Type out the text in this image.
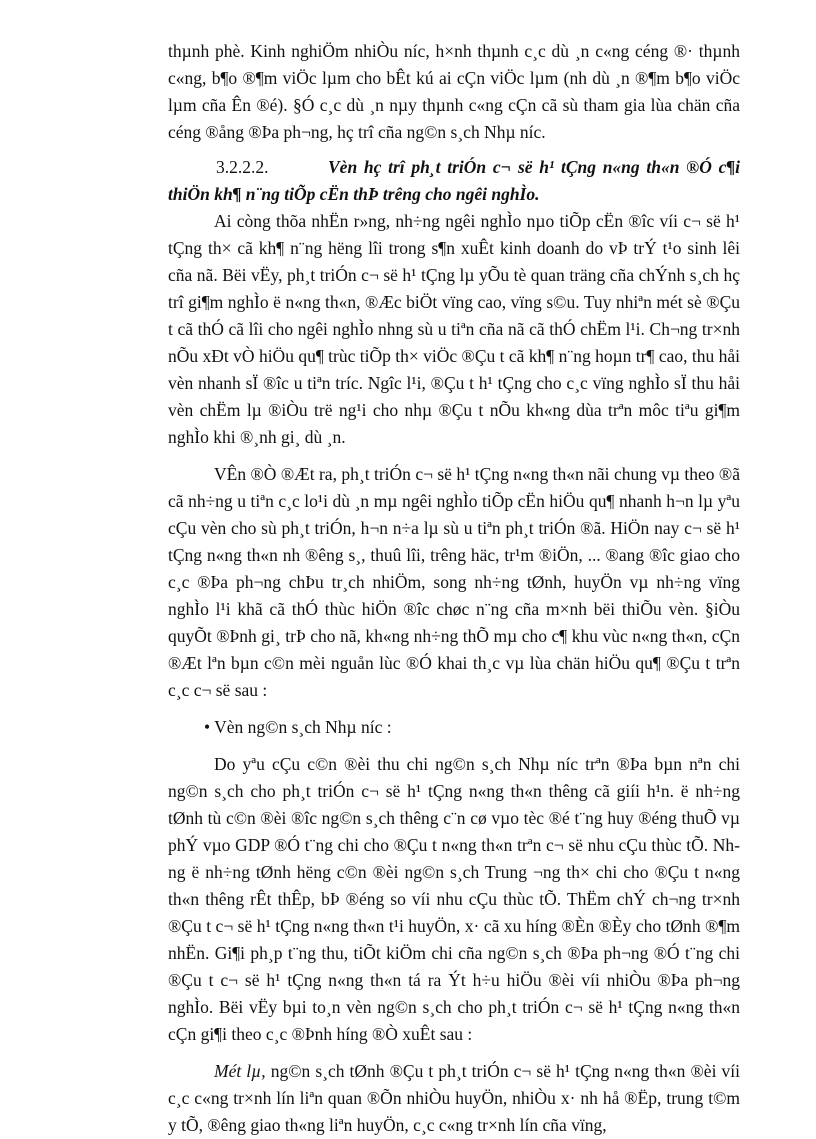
thµnh phè. Kinh nghiÖm nhiÒu níc, h×nh thµnh c¸c dù ¸n c«ng céng ®· thµnh c«ng, b¶o ®¶m viÖc lµm cho bÊt kú ai cÇn viÖc lµm (nh dù ¸n ®¶m b¶o viÖc lµm cña Ên ®é). §Ó c¸c dù ¸n nµy thµnh c«ng cÇn cã sù tham gia lùa chän cña céng ®ång ®Þa ph¬ng, hç trî cña ng©n s¸ch Nhµ níc.

3.2.2.2.	Vèn hç trî ph¸t triÓn c¬ së h¹ tÇng n«ng th«n ®Ó c¶i thiÖn kh¶ n¨ng tiÕp cËn thÞ trêng cho ngêi nghÌo.

Ai còng thõa nhËn r»ng, nh÷ng ngêi nghÌo nµo tiÕp cËn ®îc víi c¬ së h¹ tÇng th× cã kh¶ n¨ng hëng lîi trong s¶n xuÊt kinh doanh do vÞ trÝ t¹o sinh lêi cña nã. Bëi vËy, ph¸t triÓn c¬ së h¹ tÇng lµ yÕu tè quan träng cña chÝnh s¸ch hç trî gi¶m nghÌo ë n«ng th«n, ®Æc biÖt vïng cao, vïng s©u. Tuy nhiªn mét sè ®Çu t cã thÓ cã lîi cho ngêi nghÌo nhng sù u tiªn cña nã cã thÓ chËm l¹i. Ch¬ng tr×nh nÕu xÐt vÒ hiÖu qu¶ trùc tiÕp th× viÖc ®Çu t cã kh¶ n¨ng hoµn tr¶ cao, thu håi vèn nhanh sÏ ®îc u tiªn tríc. Ngîc l¹i, ®Çu t h¹ tÇng cho c¸c vïng nghÌo sÏ thu håi vèn chËm lµ ®iÒu trë ng¹i cho nhµ ®Çu t nÕu kh«ng dùa trªn môc tiªu gi¶m nghÌo khi ®¸nh gi¸ dù ¸n.

VÊn ®Ò ®Æt ra, ph¸t triÓn c¬ së h¹ tÇng n«ng th«n nãi chung vµ theo ®ã cã nh÷ng u tiªn c¸c lo¹i dù ¸n mµ ngêi nghÌo tiÕp cËn hiÖu qu¶ nhanh h¬n lµ yªu cÇu vèn cho sù ph¸t triÓn, h¬n n÷a lµ sù u tiªn ph¸t triÓn ®ã. HiÖn nay c¬ së h¹ tÇng n«ng th«n nh ®êng s¸, thuû lîi, trêng häc, tr¹m ®iÖn, ... ®ang ®îc giao cho c¸c ®Þa ph¬ng chÞu tr¸ch nhiÖm, song nh÷ng tØnh, huyÖn vµ nh÷ng vïng nghÌo l¹i khã cã thÓ thùc hiÖn ®îc chøc n¨ng cña m×nh bëi thiÕu vèn. §iÒu quyÕt ®Þnh gi¸ trÞ cho nã, kh«ng nh÷ng thÕ mµ cho c¶ khu vùc n«ng th«n, cÇn ®Æt lªn bµn c©n mèi nguån lùc ®Ó khai th¸c vµ lùa chän hiÖu qu¶ ®Çu t trªn c¸c c¬ së sau :

• Vèn ng©n s¸ch Nhµ níc :

Do yªu cÇu c©n ®èi thu chi ng©n s¸ch Nhµ níc trªn ®Þa bµn nªn chi ng©n s¸ch cho ph¸t triÓn c¬ së h¹ tÇng n«ng th«n thêng cã giíi h¹n. ë nh÷ng tØnh tù c©n ®èi ®îc ng©n s¸ch thêng c¨n cø vµo tèc ®é t¨ng huy ®éng thuÕ vµ phÝ vµo GDP ®Ó t¨ng chi cho ®Çu t n«ng th«n trªn c¬ së nhu cÇu thùc tÕ. Nhng ë nh÷ng tØnh hëng c©n ®èi ng©n s¸ch Trung ¬ng th× chi cho ®Çu t n«ng th«n thêng rÊt thÊp, bÞ ®éng so víi nhu cÇu thùc tÕ. ThËm chÝ ch¬ng tr×nh ®Çu t c¬ së h¹ tÇng n«ng th«n t¹i huyÖn, x· cã xu híng ®Èn ®Èy cho tØnh ®¶m nhËn. Gi¶i ph¸p t¨ng thu, tiÕt kiÖm chi cña ng©n s¸ch ®Þa ph¬ng ®Ó t¨ng chi ®Çu t c¬ së h¹ tÇng n«ng th«n tá ra Ýt h÷u hiÖu ®èi víi nhiÒu ®Þa ph¬ng nghÌo. Bëi vËy bµi to¸n vèn ng©n s¸ch cho ph¸t triÓn c¬ së h¹ tÇng n«ng th«n cÇn gi¶i theo c¸c ®Þnh híng ®Ò xuÊt sau :

Mét lµ, ng©n s¸ch tØnh ®Çu t ph¸t triÓn c¬ së h¹ tÇng n«ng th«n ®èi víi c¸c c«ng tr×nh lín liªn quan ®Õn nhiÒu huyÖn, nhiÒu x· nh hå ®Ëp, trung t©m y tÕ, ®êng giao th«ng liªn huyÖn, c¸c c«ng tr×nh lín cña vïng,
